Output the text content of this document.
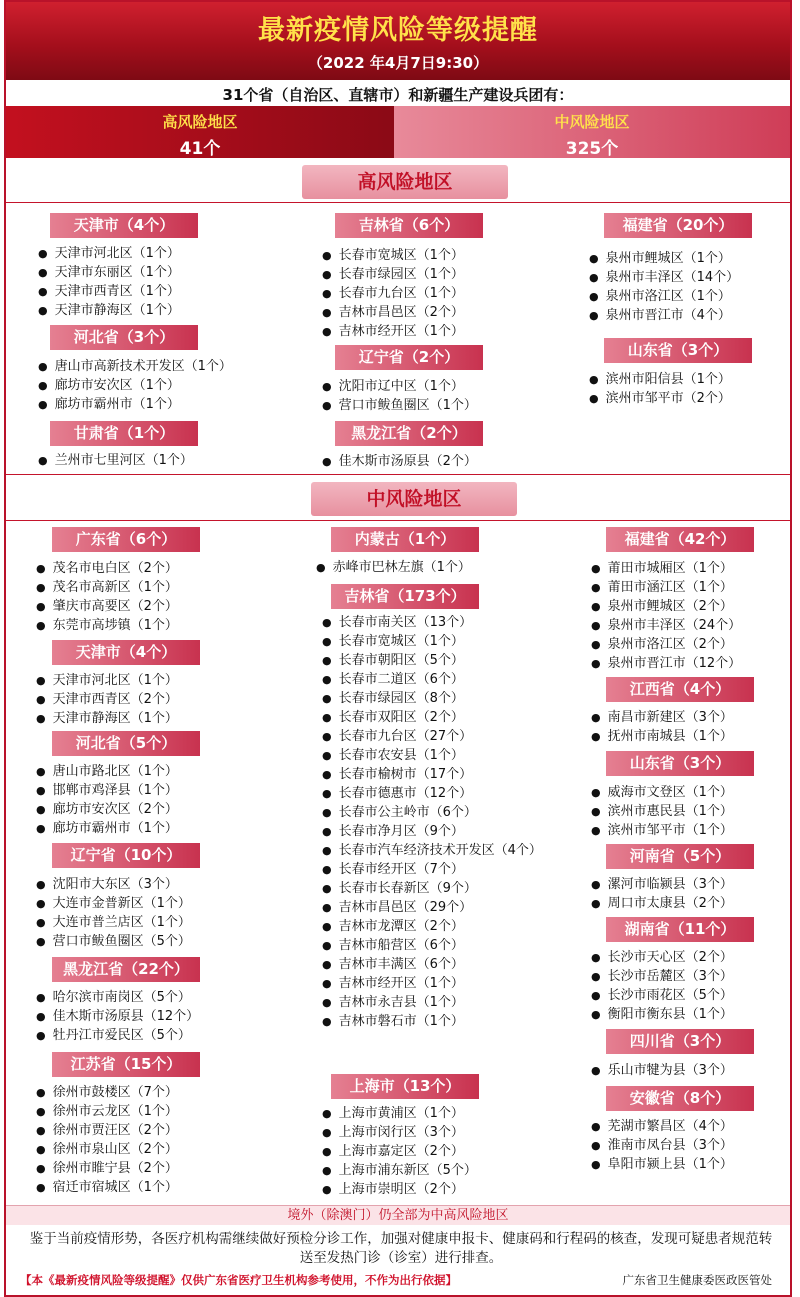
最新疫情风险等级提醒
（2022 年4月7日9:30）
31个省（自治区、直辖市）和新疆生产建设兵团有：
高风险地区
41个
中风险地区
325个
高风险地区
天津市（4个）
● 天津市河北区（1个）
● 天津市东丽区（1个）
● 天津市西青区（1个）
● 天津市静海区（1个）
河北省（3个）
● 唐山市高新技术开发区（1个）
● 廊坊市安次区（1个）
● 廊坊市霸州市（1个）
甘肃省（1个）
● 兰州市七里河区（1个）
吉林省（6个）
● 长春市宽城区（1个）
● 长春市绿园区（1个）
● 长春市九台区（1个）
● 吉林市昌邑区（2个）
● 吉林市经开区（1个）
辽宁省（2个）
● 沈阳市辽中区（1个）
● 营口市鲅鱼圈区（1个）
黑龙江省（2个）
● 佳木斯市汤原县（2个）
福建省（20个）
● 泉州市鲤城区（1个）
● 泉州市丰泽区（14个）
● 泉州市洛江区（1个）
● 泉州市晋江市（4个）
山东省（3个）
● 滨州市阳信县（1个）
● 滨州市邹平市（2个）
中风险地区
广东省（6个）
● 茂名市电白区（2个）
● 茂名市高新区（1个）
● 肇庆市高要区（2个）
● 东莞市高埗镇（1个）
天津市（4个）
● 天津市河北区（1个）
● 天津市西青区（2个）
● 天津市静海区（1个）
河北省（5个）
● 唐山市路北区（1个）
● 邯郸市鸡泽县（1个）
● 廊坊市安次区（2个）
● 廊坊市霸州市（1个）
辽宁省（10个）
● 沈阳市大东区（3个）
● 大连市金普新区（1个）
● 大连市普兰店区（1个）
● 营口市鲅鱼圈区（5个）
黑龙江省（22个）
● 哈尔滨市南岗区（5个）
● 佳木斯市汤原县（12个）
● 牡丹江市爱民区（5个）
江苏省（15个）
● 徐州市鼓楼区（7个）
● 徐州市云龙区（1个）
● 徐州市贾汪区（2个）
● 徐州市泉山区（2个）
● 徐州市睢宁县（2个）
● 宿迁市宿城区（1个）
内蒙古（1个）
● 赤峰市巴林左旗（1个）
吉林省（173个）
● 长春市南关区（13个）
● 长春市宽城区（1个）
● 长春市朝阳区（5个）
● 长春市二道区（6个）
● 长春市绿园区（8个）
● 长春市双阳区（2个）
● 长春市九台区（27个）
● 长春市农安县（1个）
● 长春市榆树市（17个）
● 长春市德惠市（12个）
● 长春市公主岭市（6个）
● 长春市净月区（9个）
● 长春市汽车经济技术开发区（4个）
● 长春市经开区（7个）
● 长春市长春新区（9个）
● 吉林市昌邑区（29个）
● 吉林市龙潭区（2个）
● 吉林市船营区（6个）
● 吉林市丰满区（6个）
● 吉林市经开区（1个）
● 吉林市永吉县（1个）
● 吉林市磐石市（1个）
上海市（13个）
● 上海市黄浦区（1个）
● 上海市闵行区（3个）
● 上海市嘉定区（2个）
● 上海市浦东新区（5个）
● 上海市崇明区（2个）
福建省（42个）
● 莆田市城厢区（1个）
● 莆田市涵江区（1个）
● 泉州市鲤城区（2个）
● 泉州市丰泽区（24个）
● 泉州市洛江区（2个）
● 泉州市晋江市（12个）
江西省（4个）
● 南昌市新建区（3个）
● 抚州市南城县（1个）
山东省（3个）
● 威海市文登区（1个）
● 滨州市惠民县（1个）
● 滨州市邹平市（1个）
河南省（5个）
● 漯河市临颍县（3个）
● 周口市太康县（2个）
湖南省（11个）
● 长沙市天心区（2个）
● 长沙市岳麓区（3个）
● 长沙市雨花区（5个）
● 衡阳市衡东县（1个）
四川省（3个）
● 乐山市犍为县（3个）
安徽省（8个）
● 芜湖市繁昌区（4个）
● 淮南市凤台县（3个）
● 阜阳市颍上县（1个）
境外（除澳门）仍全部为中高风险地区
鉴于当前疫情形势，各医疗机构需继续做好预检分诊工作，加强对健康申报卡、健康码和行程码的核查，发现可疑患者规范转送至发热门诊（诊室）进行排查。
【本《最新疫情风险等级提醒》仅供广东省医疗卫生机构参考使用，不作为出行依据】	广东省卫生健康委医政医管处
